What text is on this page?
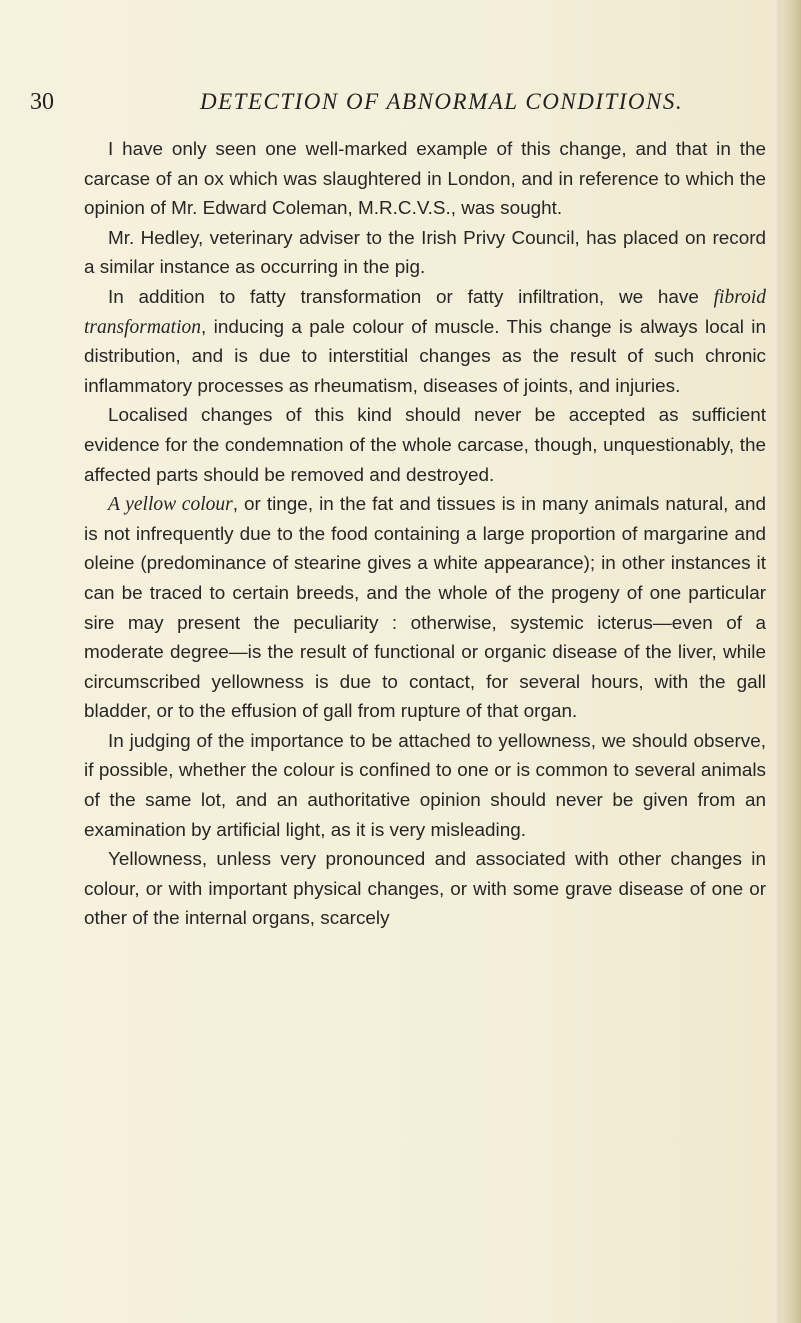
30	DETECTION OF ABNORMAL CONDITIONS.

I have only seen one well-marked example of this change, and that in the carcase of an ox which was slaughtered in London, and in reference to which the opinion of Mr. Edward Coleman, M.R.C.V.S., was sought.

Mr. Hedley, veterinary adviser to the Irish Privy Council, has placed on record a similar instance as occurring in the pig.

In addition to fatty transformation or fatty infiltration, we have fibroid transformation, inducing a pale colour of muscle. This change is always local in distribution, and is due to interstitial changes as the result of such chronic inflammatory processes as rheumatism, diseases of joints, and injuries.

Localised changes of this kind should never be accepted as sufficient evidence for the condemnation of the whole carcase, though, unquestionably, the affected parts should be removed and destroyed.

A yellow colour, or tinge, in the fat and tissues is in many animals natural, and is not infrequently due to the food containing a large proportion of margarine and oleine (predominance of stearine gives a white appearance); in other instances it can be traced to certain breeds, and the whole of the progeny of one particular sire may present the peculiarity : otherwise, systemic icterus—even of a moderate degree—is the result of functional or organic disease of the liver, while circumscribed yellowness is due to contact, for several hours, with the gall bladder, or to the effusion of gall from rupture of that organ.

In judging of the importance to be attached to yellowness, we should observe, if possible, whether the colour is confined to one or is common to several animals of the same lot, and an authoritative opinion should never be given from an examination by artificial light, as it is very misleading.

Yellowness, unless very pronounced and associated with other changes in colour, or with important physical changes, or with some grave disease of one or other of the internal organs, scarcely
